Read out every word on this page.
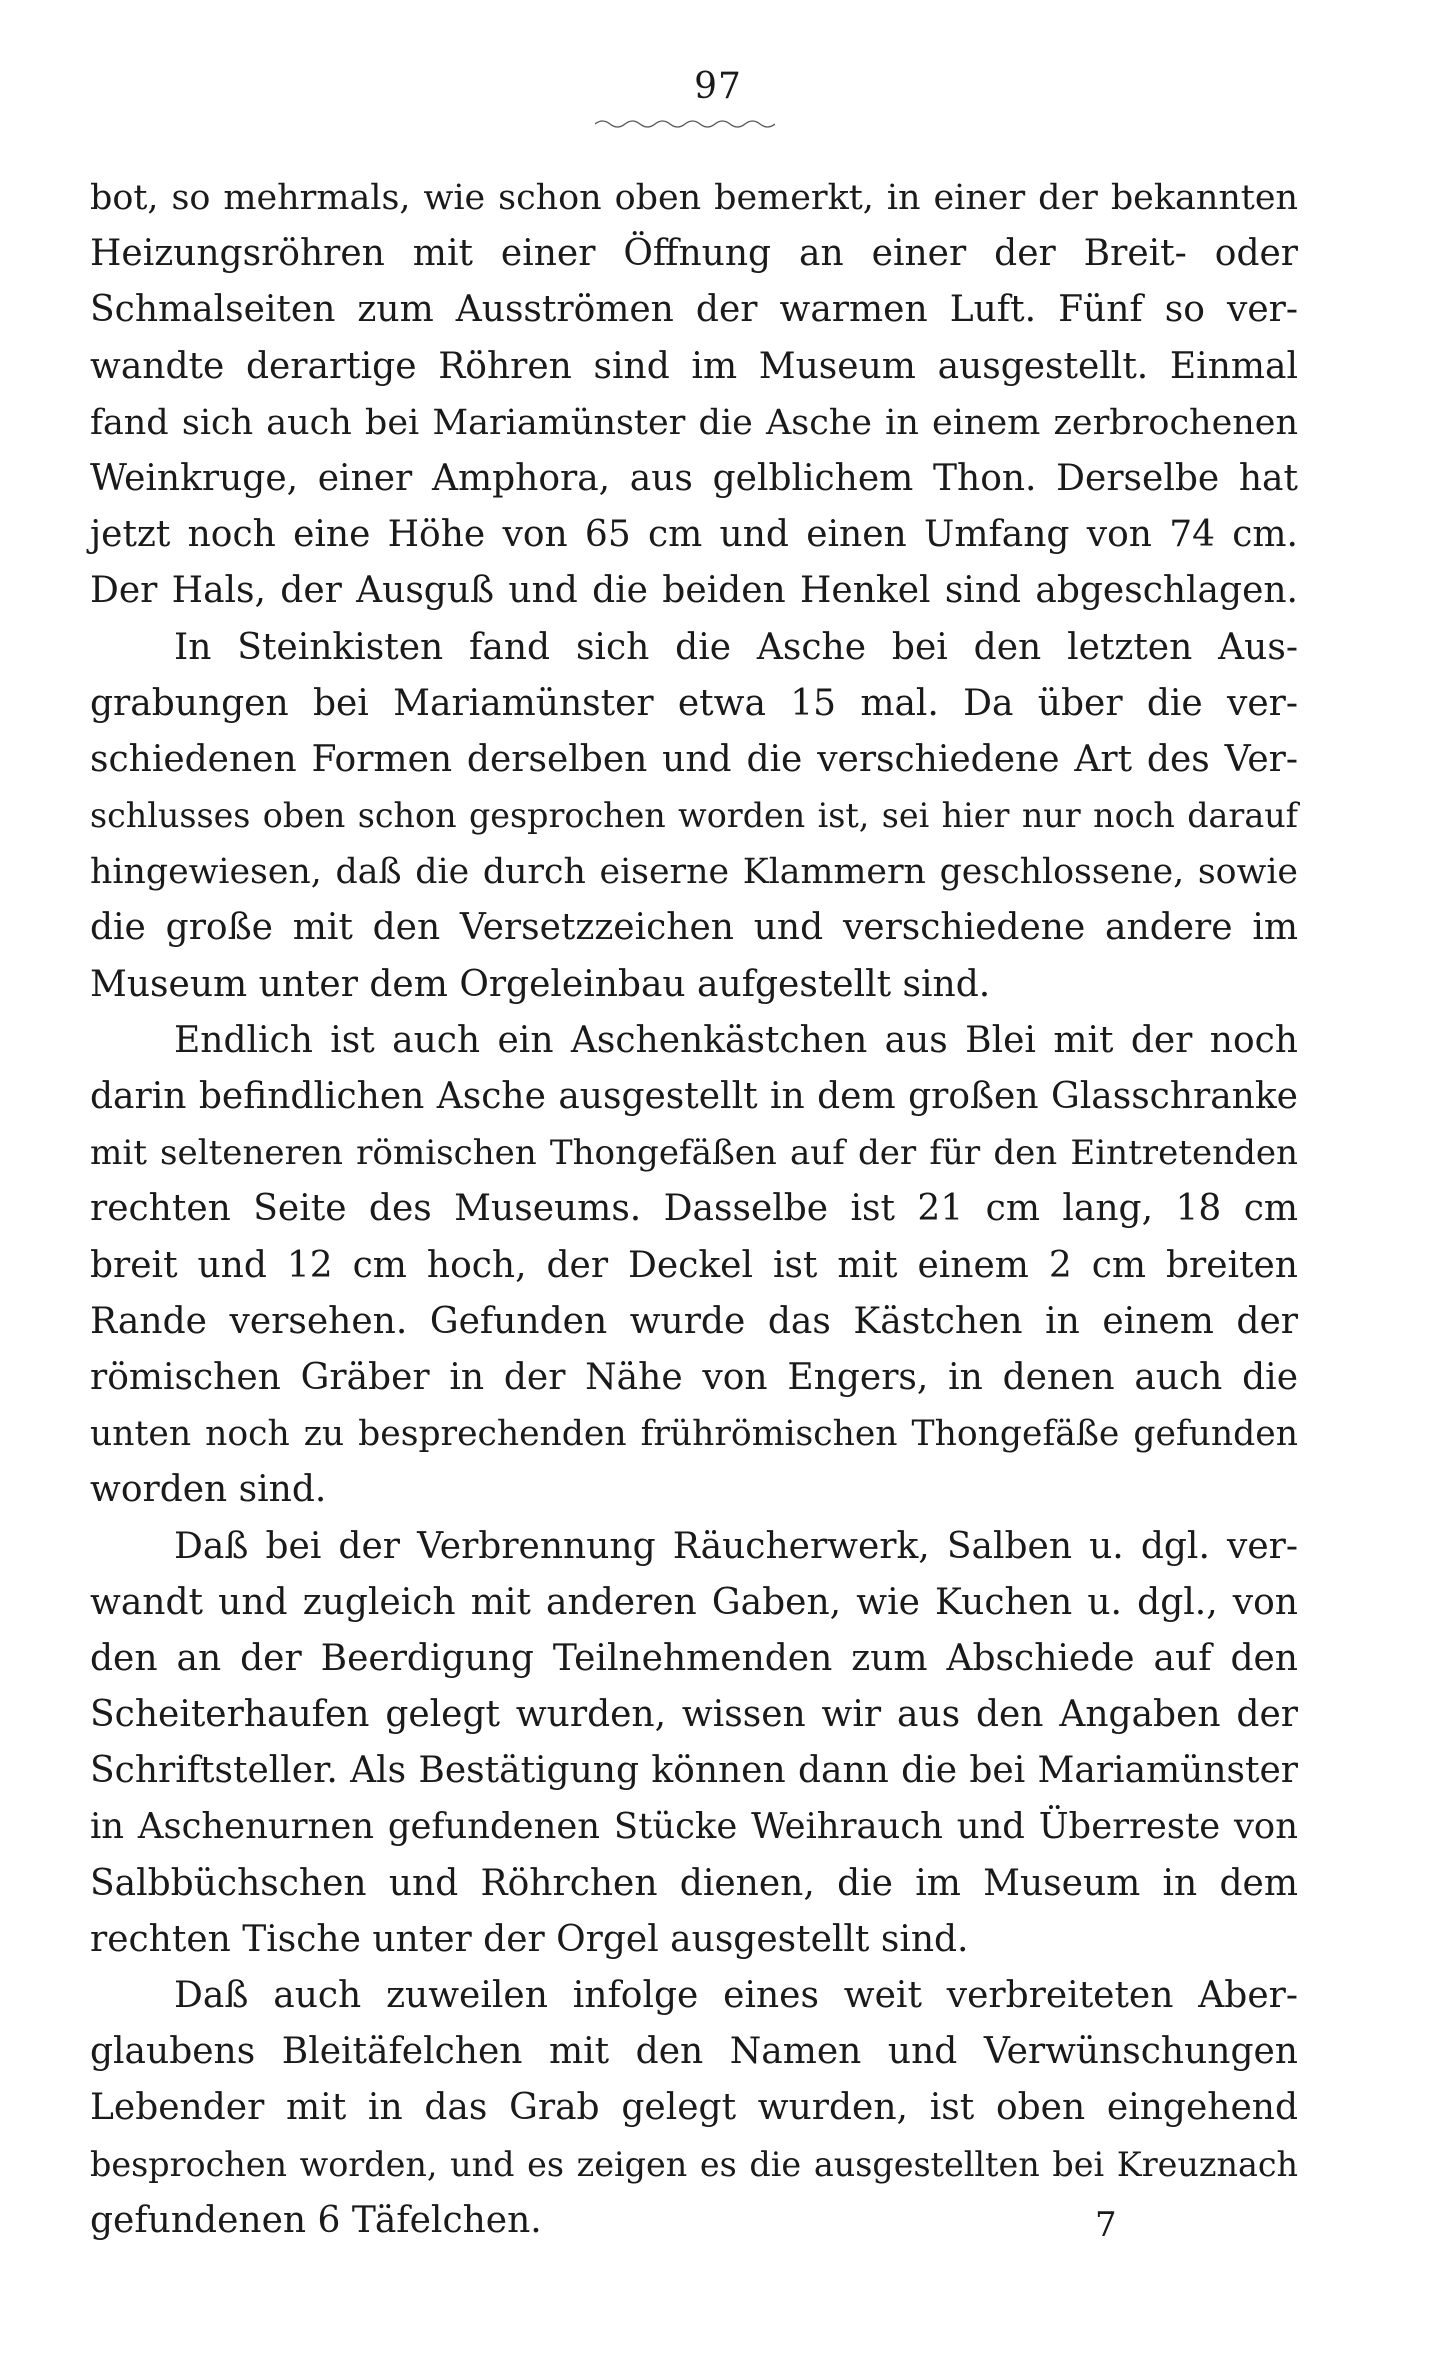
97
bot, so mehrmals, wie schon oben bemerkt, in einer der bekannten
Heizungsröhren mit einer Öffnung an einer der Breit- oder
Schmalseiten zum Ausströmen der warmen Luft. Fünf so ver-
wandte derartige Röhren sind im Museum ausgestellt. Einmal
fand sich auch bei Mariamünster die Asche in einem zerbrochenen
Weinkruge, einer Amphora, aus gelblichem Thon. Derselbe hat
jetzt noch eine Höhe von 65 cm und einen Umfang von 74 cm.
Der Hals, der Ausguß und die beiden Henkel sind abgeschlagen.
In Steinkisten fand sich die Asche bei den letzten Aus-
grabungen bei Mariamünster etwa 15 mal. Da über die ver-
schiedenen Formen derselben und die verschiedene Art des Ver-
schlusses oben schon gesprochen worden ist, sei hier nur noch darauf
hingewiesen, daß die durch eiserne Klammern geschlossene, sowie
die große mit den Versetzzeichen und verschiedene andere im
Museum unter dem Orgeleinbau aufgestellt sind.
Endlich ist auch ein Aschenkästchen aus Blei mit der noch
darin befindlichen Asche ausgestellt in dem großen Glasschranke
mit selteneren römischen Thongefäßen auf der für den Eintretenden
rechten Seite des Museums. Dasselbe ist 21 cm lang, 18 cm
breit und 12 cm hoch, der Deckel ist mit einem 2 cm breiten
Rande versehen. Gefunden wurde das Kästchen in einem der
römischen Gräber in der Nähe von Engers, in denen auch die
unten noch zu besprechenden frührömischen Thongefäße gefunden
worden sind.
Daß bei der Verbrennung Räucherwerk, Salben u. dgl. ver-
wandt und zugleich mit anderen Gaben, wie Kuchen u. dgl., von
den an der Beerdigung Teilnehmenden zum Abschiede auf den
Scheiterhaufen gelegt wurden, wissen wir aus den Angaben der
Schriftsteller. Als Bestätigung können dann die bei Mariamünster
in Aschenurnen gefundenen Stücke Weihrauch und Überreste von
Salbbüchschen und Röhrchen dienen, die im Museum in dem
rechten Tische unter der Orgel ausgestellt sind.
Daß auch zuweilen infolge eines weit verbreiteten Aber-
glaubens Bleitäfelchen mit den Namen und Verwünschungen
Lebender mit in das Grab gelegt wurden, ist oben eingehend
besprochen worden, und es zeigen es die ausgestellten bei Kreuznach
gefundenen 6 Täfelchen.	7
